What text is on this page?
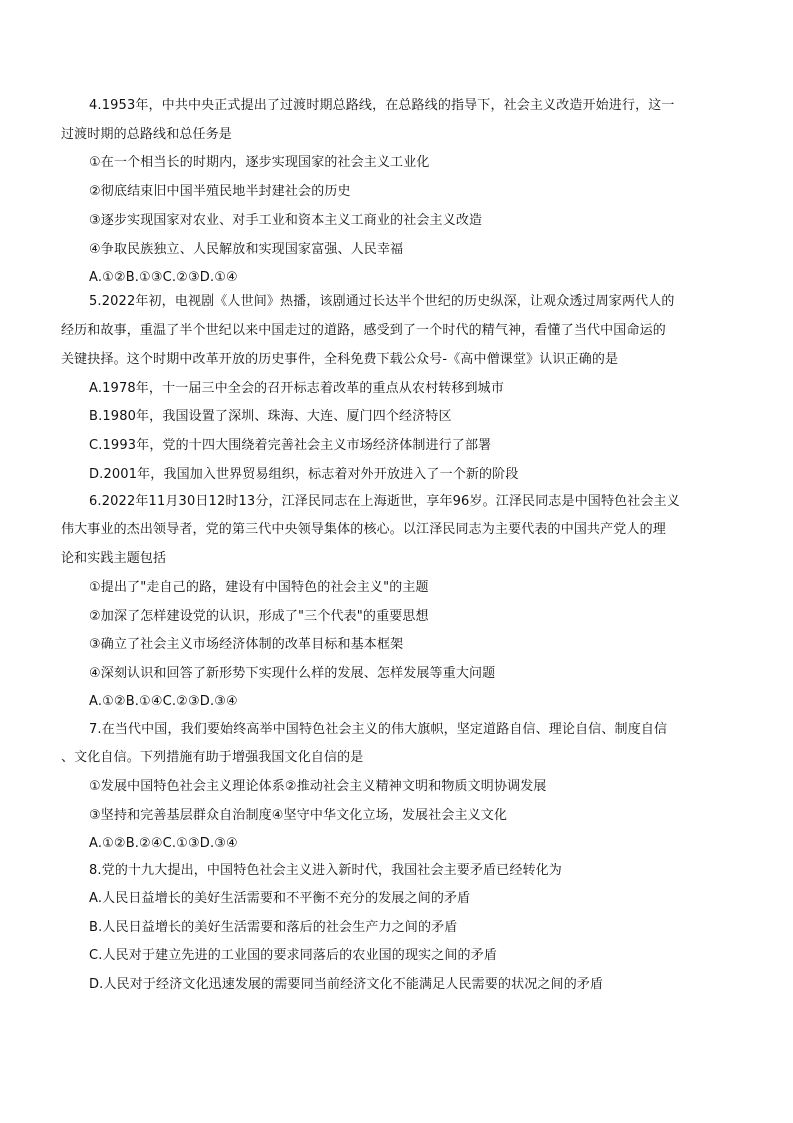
4.1953年，中共中央正式提出了过渡时期总路线，在总路线的指导下，社会主义改造开始进行，这一
过渡时期的总路线和总任务是
①在一个相当长的时期内，逐步实现国家的社会主义工业化
②彻底结束旧中国半殖民地半封建社会的历史
③逐步实现国家对农业、对手工业和资本主义工商业的社会主义改造
④争取民族独立、人民解放和实现国家富强、人民幸福
A.①②B.①③C.②③D.①④
5.2022年初，电视剧《人世间》热播，该剧通过长达半个世纪的历史纵深，让观众透过周家两代人的
经历和故事，重温了半个世纪以来中国走过的道路，感受到了一个时代的精气神，看懂了当代中国命运的
关键抉择。这个时期中改革开放的历史事件，全科免费下载公众号-《高中僧课堂》认识正确的是
A.1978年，十一届三中全会的召开标志着改革的重点从农村转移到城市
B.1980年，我国设置了深圳、珠海、大连、厦门四个经济特区
C.1993年，党的十四大围绕着完善社会主义市场经济体制进行了部署
D.2001年，我国加入世界贸易组织，标志着对外开放进入了一个新的阶段
6.2022年11月30日12时13分，江泽民同志在上海逝世，享年96岁。江泽民同志是中国特色社会主义
伟大事业的杰出领导者，党的第三代中央领导集体的核心。以江泽民同志为主要代表的中国共产党人的理
论和实践主题包括
①提出了"走自己的路，建设有中国特色的社会主义"的主题
②加深了怎样建设党的认识，形成了"三个代表"的重要思想
③确立了社会主义市场经济体制的改革目标和基本框架
④深刻认识和回答了新形势下实现什么样的发展、怎样发展等重大问题
A.①②B.①④C.②③D.③④
7.在当代中国，我们要始终高举中国特色社会主义的伟大旗帜，坚定道路自信、理论自信、制度自信
、文化自信。下列措施有助于增强我国文化自信的是
①发展中国特色社会主义理论体系②推动社会主义精神文明和物质文明协调发展
③坚持和完善基层群众自治制度④坚守中华文化立场，发展社会主义文化
A.①②B.②④C.①③D.③④
8.党的十九大提出，中国特色社会主义进入新时代，我国社会主要矛盾已经转化为
A.人民日益增长的美好生活需要和不平衡不充分的发展之间的矛盾
B.人民日益增长的美好生活需要和落后的社会生产力之间的矛盾
C.人民对于建立先进的工业国的要求同落后的农业国的现实之间的矛盾
D.人民对于经济文化迅速发展的需要同当前经济文化不能满足人民需要的状况之间的矛盾
